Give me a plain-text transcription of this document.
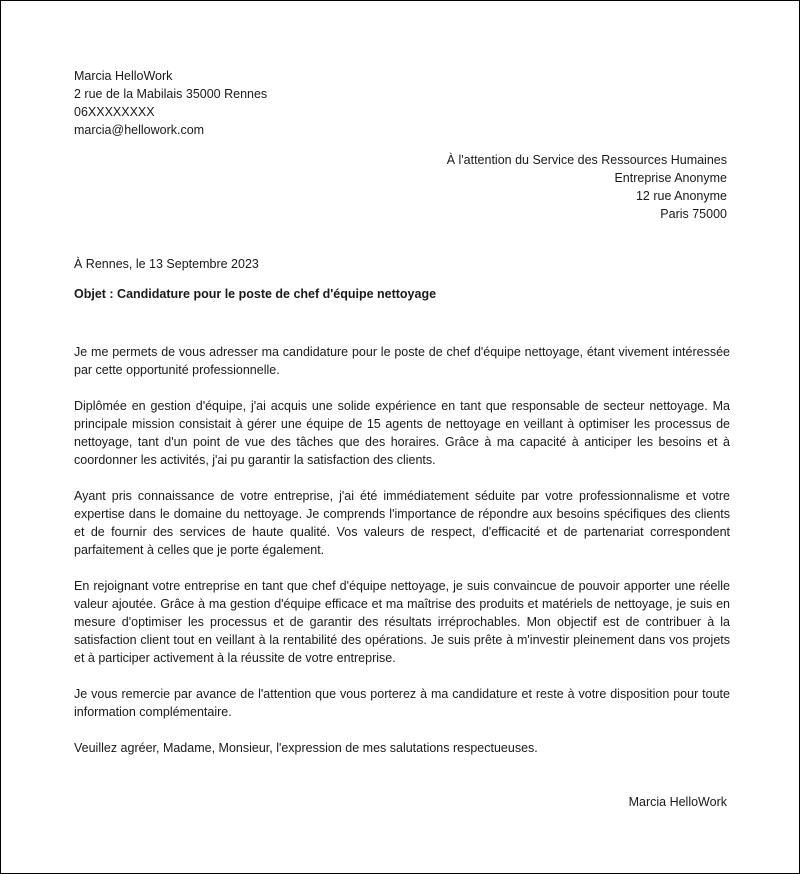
Marcia HelloWork

2 rue de la Mabilais 35000 Rennes

06XXXXXXXX

marcia@hellowork.com

À l'attention du Service des Ressources Humaines

Entreprise Anonyme

12 rue Anonyme

Paris 75000

À Rennes, le 13 Septembre 2023

Objet : Candidature pour le poste de chef d'équipe nettoyage

Je me permets de vous adresser ma candidature pour le poste de chef d'équipe nettoyage, étant vivement intéressée par cette opportunité professionnelle.

Diplômée en gestion d'équipe, j'ai acquis une solide expérience en tant que responsable de secteur nettoyage. Ma principale mission consistait à gérer une équipe de 15 agents de nettoyage en veillant à optimiser les processus de nettoyage, tant d'un point de vue des tâches que des horaires. Grâce à ma capacité à anticiper les besoins et à coordonner les activités, j'ai pu garantir la satisfaction des clients.

Ayant pris connaissance de votre entreprise, j'ai été immédiatement séduite par votre professionnalisme et votre expertise dans le domaine du nettoyage. Je comprends l'importance de répondre aux besoins spécifiques des clients et de fournir des services de haute qualité. Vos valeurs de respect, d'efficacité et de partenariat correspondent parfaitement à celles que je porte également.

En rejoignant votre entreprise en tant que chef d'équipe nettoyage, je suis convaincue de pouvoir apporter une réelle valeur ajoutée. Grâce à ma gestion d'équipe efficace et ma maîtrise des produits et matériels de nettoyage, je suis en mesure d'optimiser les processus et de garantir des résultats irréprochables. Mon objectif est de contribuer à la satisfaction client tout en veillant à la rentabilité des opérations. Je suis prête à m'investir pleinement dans vos projets et à participer activement à la réussite de votre entreprise.

Je vous remercie par avance de l'attention que vous porterez à ma candidature et reste à votre disposition pour toute information complémentaire.

Veuillez agréer, Madame, Monsieur, l'expression de mes salutations respectueuses.

Marcia HelloWork
